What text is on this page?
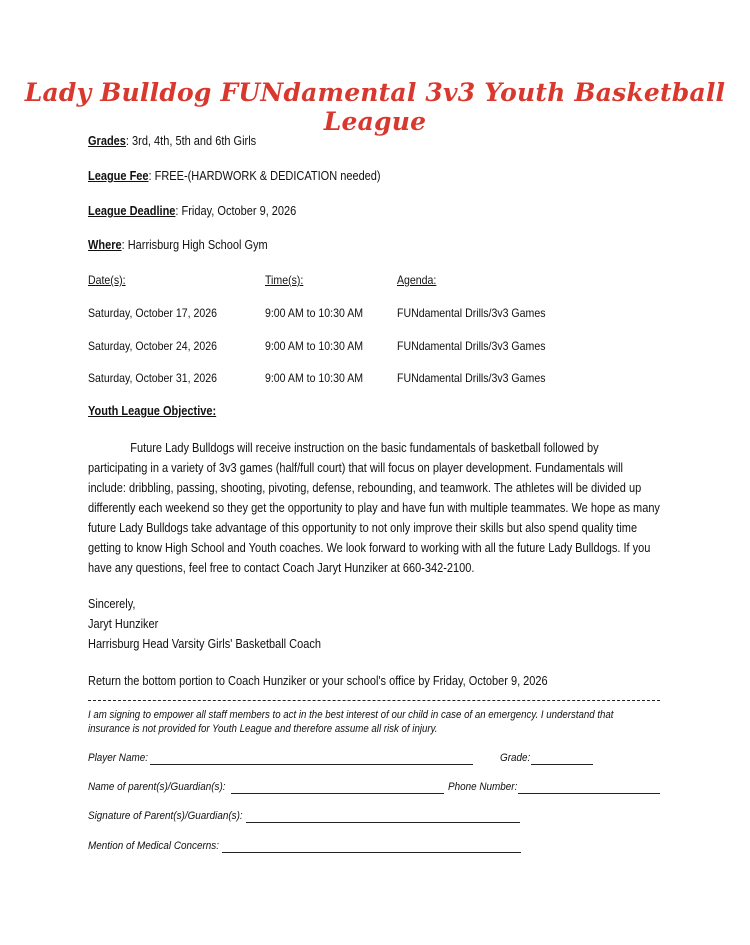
Lady Bulldog FUNdamental 3v3 Youth Basketball League
Grades: 3rd, 4th, 5th and 6th Girls
League Fee: FREE-(HARDWORK & DEDICATION needed)
League Deadline: Friday, October 9, 2026
Where: Harrisburg High School Gym
Date(s):	Time(s):	Agenda:
Saturday, October 17, 2026	9:00 AM to 10:30 AM	FUNdamental Drills/3v3 Games
Saturday, October 24, 2026	9:00 AM to 10:30 AM	FUNdamental Drills/3v3 Games
Saturday, October 31, 2026	9:00 AM to 10:30 AM	FUNdamental Drills/3v3 Games
Youth League Objective:
Future Lady Bulldogs will receive instruction on the basic fundamentals of basketball followed by
participating in a variety of 3v3 games (half/full court) that will focus on player development. Fundamentals will
include: dribbling, passing, shooting, pivoting, defense, rebounding, and teamwork. The athletes will be divided up
differently each weekend so they get the opportunity to play and have fun with multiple teammates. We hope as many
future Lady Bulldogs take advantage of this opportunity to not only improve their skills but also spend quality time
getting to know High School and Youth coaches. We look forward to working with all the future Lady Bulldogs. If you
have any questions, feel free to contact Coach Jaryt Hunziker at 660-342-2100.
Sincerely,
Jaryt Hunziker
Harrisburg Head Varsity Girls' Basketball Coach
Return the bottom portion to Coach Hunziker or your school's office by Friday, October 9, 2026
I am signing to empower all staff members to act in the best interest of our child in case of an emergency. I understand that
insurance is not provided for Youth League and therefore assume all risk of injury.
Player Name:	Grade:
Name of parent(s)/Guardian(s):	Phone Number:
Signature of Parent(s)/Guardian(s):
Mention of Medical Concerns:
